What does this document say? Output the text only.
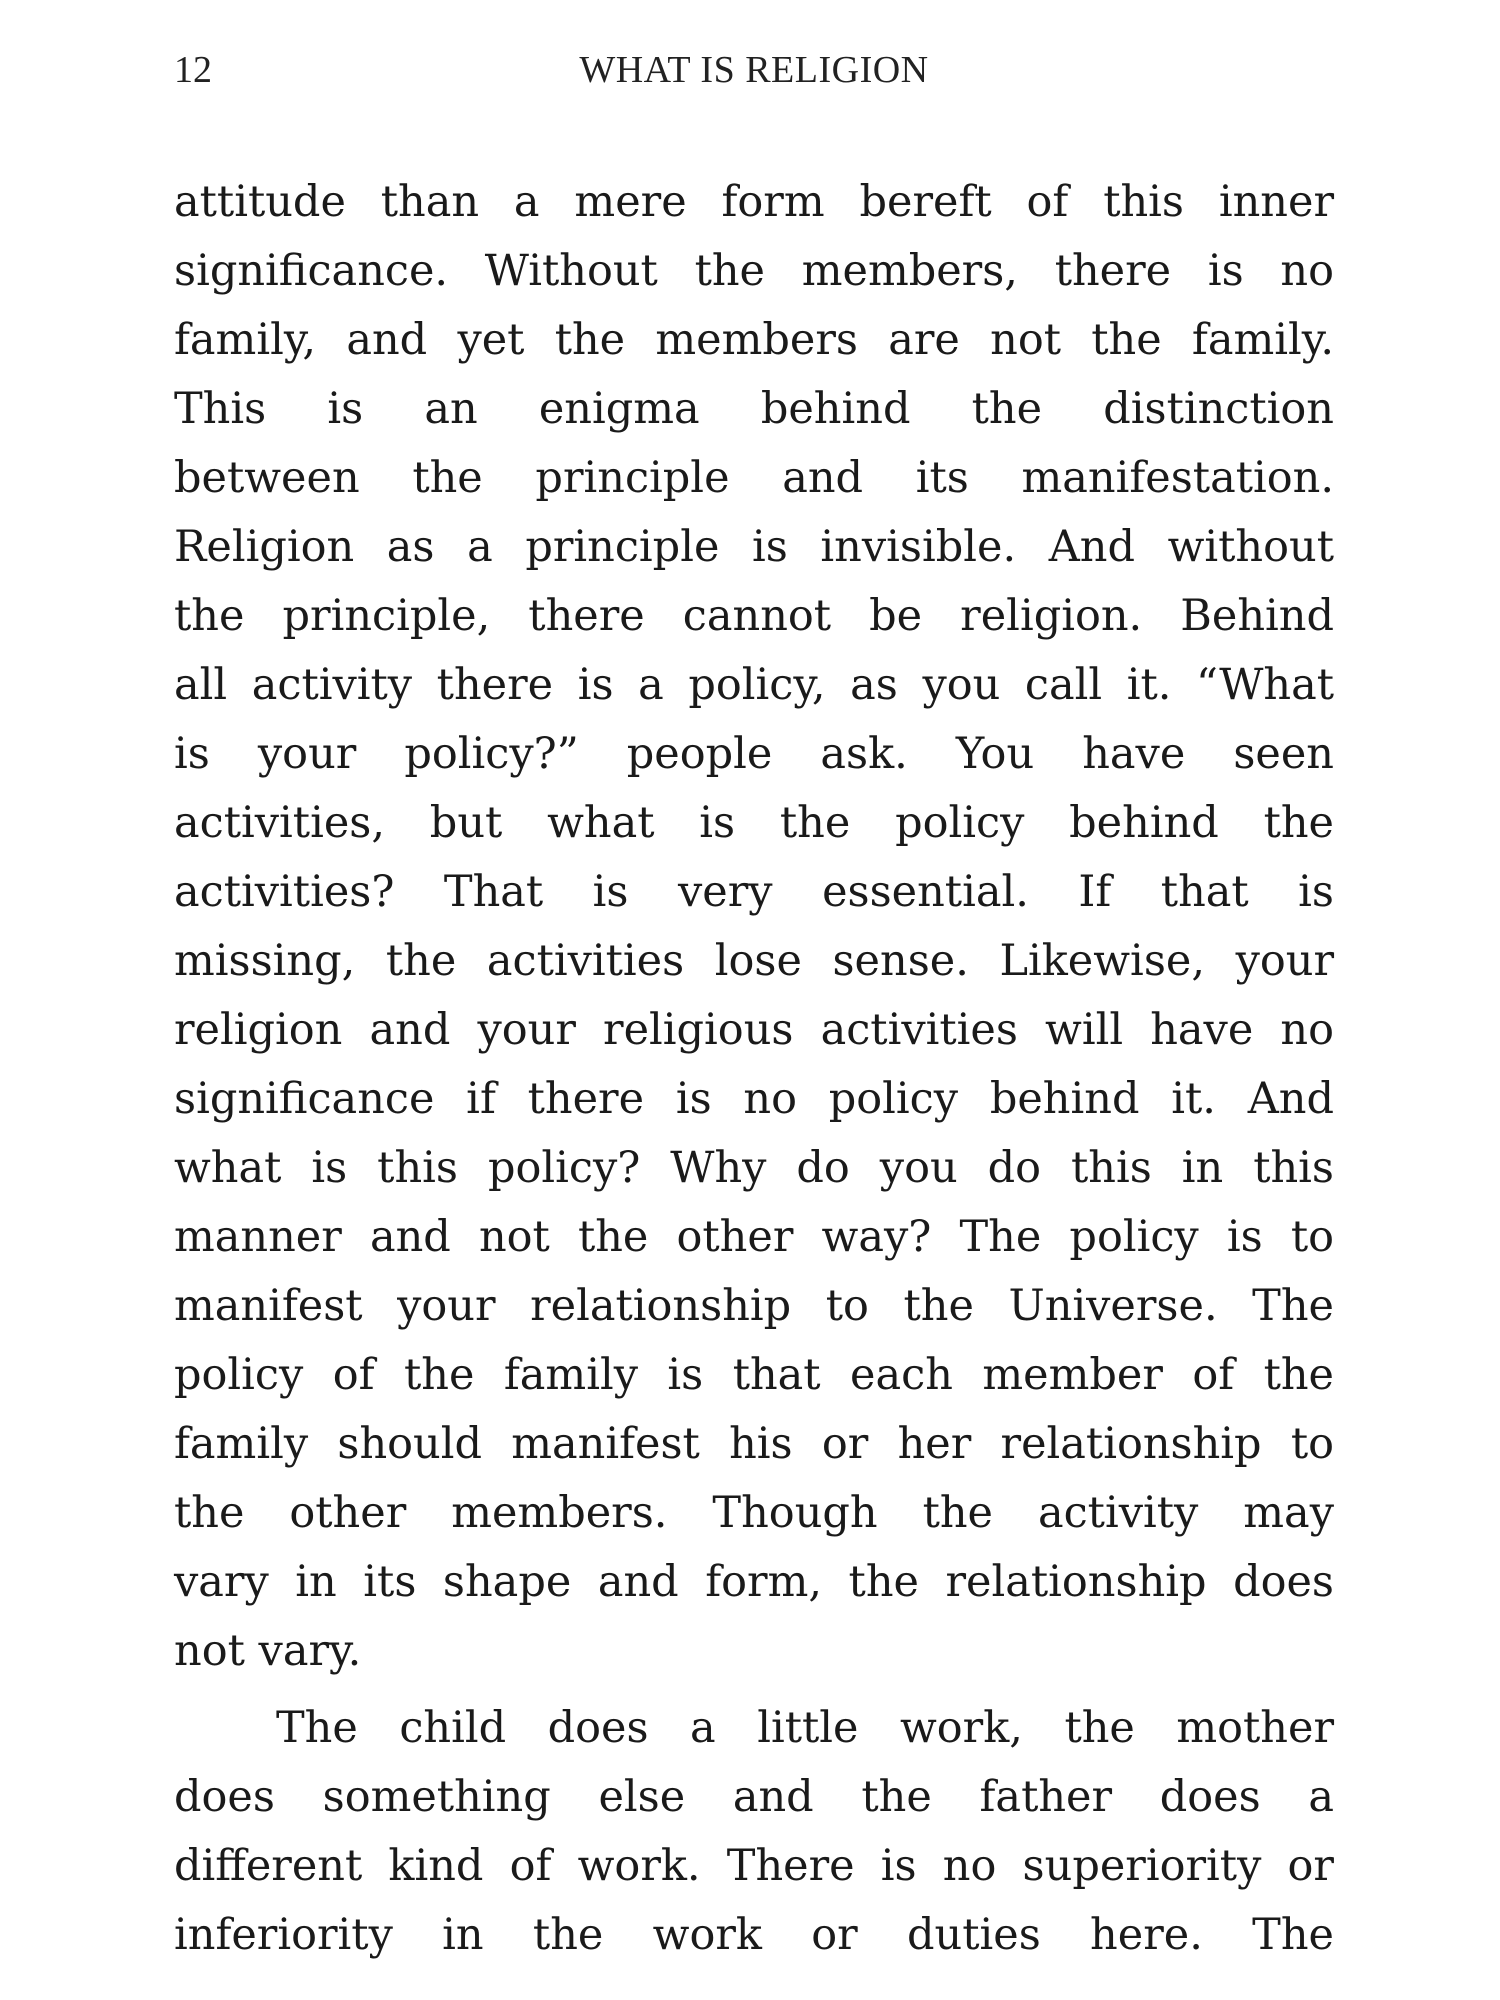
12	WHAT IS RELIGION

attitude than a mere form bereft of this inner
significance. Without the members, there is no
family, and yet the members are not the family.
This is an enigma behind the distinction
between the principle and its manifestation.
Religion as a principle is invisible. And without
the principle, there cannot be religion. Behind
all activity there is a policy, as you call it. “What
is your policy?” people ask. You have seen
activities, but what is the policy behind the
activities? That is very essential. If that is
missing, the activities lose sense. Likewise, your
religion and your religious activities will have no
significance if there is no policy behind it. And
what is this policy? Why do you do this in this
manner and not the other way? The policy is to
manifest your relationship to the Universe. The
policy of the family is that each member of the
family should manifest his or her relationship to
the other members. Though the activity may
vary in its shape and form, the relationship does
not vary.

The child does a little work, the mother
does something else and the father does a
different kind of work. There is no superiority or
inferiority in the work or duties here. The
